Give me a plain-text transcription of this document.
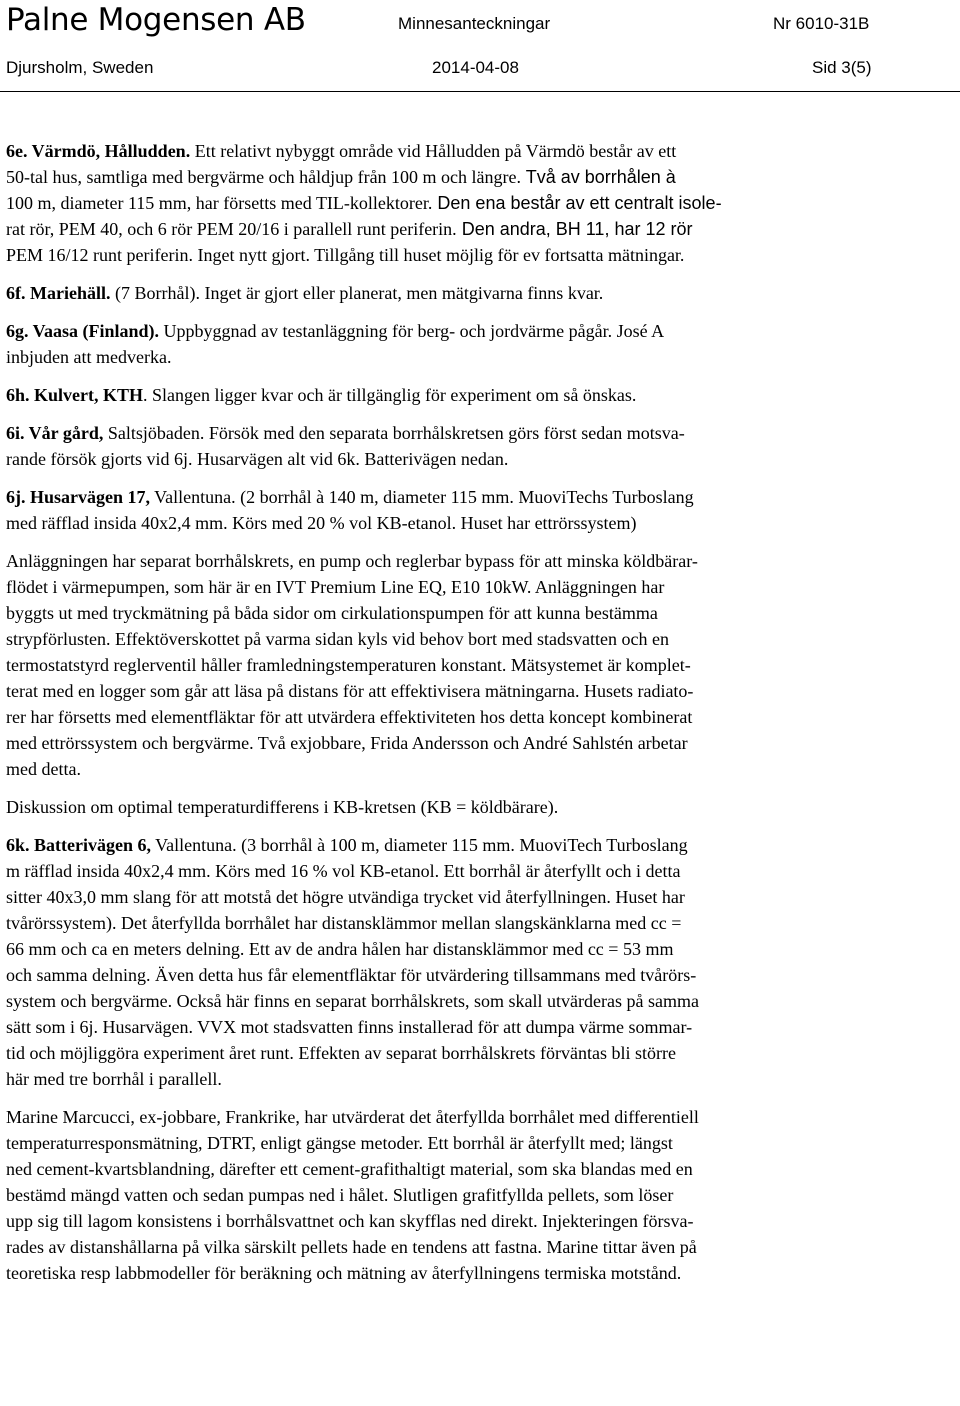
Palne Mogensen AB	Minnesanteckningar	Nr 6010-31B
Djursholm, Sweden	2014-04-08	Sid 3(5)
6e. Värmdö, Hålludden. Ett relativt nybyggt område vid Hålludden på Värmdö består av ett
50-tal hus, samtliga med bergvärme och håldjup från 100 m och längre. Två av borrhålen à
100 m, diameter 115 mm, har försetts med TIL-kollektorer. Den ena består av ett centralt isole-
rat rör, PEM 40, och 6 rör PEM 20/16 i parallell runt periferin. Den andra, BH 11, har 12 rör
PEM 16/12 runt periferin. Inget nytt gjort. Tillgång till huset möjlig för ev fortsatta mätningar.
6f. Mariehäll. (7 Borrhål). Inget är gjort eller planerat, men mätgivarna finns kvar.
6g. Vaasa (Finland). Uppbyggnad av testanläggning för berg- och jordvärme pågår. José A
inbjuden att medverka.
6h. Kulvert, KTH. Slangen ligger kvar och är tillgänglig för experiment om så önskas.
6i. Vår gård, Saltsjöbaden. Försök med den separata borrhålskretsen görs först sedan motsva-
rande försök gjorts vid 6j. Husarvägen alt vid 6k. Batterivägen nedan.
6j. Husarvägen 17, Vallentuna. (2 borrhål à 140 m, diameter 115 mm. MuoviTechs Turboslang
med räfflad insida 40x2,4 mm. Körs med 20 % vol KB-etanol. Huset har ettrörssystem)
Anläggningen har separat borrhålskrets, en pump och reglerbar bypass för att minska köldbärar-
flödet i värmepumpen, som här är en IVT Premium Line EQ, E10 10kW. Anläggningen har
byggts ut med tryckmätning på båda sidor om cirkulationspumpen för att kunna bestämma
strypförlusten. Effektöverskottet på varma sidan kyls vid behov bort med stadsvatten och en
termostatstyrd reglerventil håller framledningstemperaturen konstant. Mätsystemet är komplet-
terat med en logger som går att läsa på distans för att effektivisera mätningarna. Husets radiato-
rer har försetts med elementfläktar för att utvärdera effektiviteten hos detta koncept kombinerat
med ettrörssystem och bergvärme. Två exjobbare, Frida Andersson och André Sahlstén arbetar
med detta.
Diskussion om optimal temperaturdifferens i KB-kretsen (KB = köldbärare).
6k. Batterivägen 6, Vallentuna. (3 borrhål à 100 m, diameter 115 mm. MuoviTech Turboslang
m räfflad insida 40x2,4 mm. Körs med 16 % vol KB-etanol. Ett borrhål är återfyllt och i detta
sitter 40x3,0 mm slang för att motstå det högre utvändiga trycket vid återfyllningen. Huset har
tvårörssystem). Det återfyllda borrhålet har distansklämmor mellan slangskänklarna med cc =
66 mm och ca en meters delning. Ett av de andra hålen har distansklämmor med cc = 53 mm
och samma delning. Även detta hus får elementfläktar för utvärdering tillsammans med tvårörs-
system och bergvärme. Också här finns en separat borrhålskrets, som skall utvärderas på samma
sätt som i 6j. Husarvägen. VVX mot stadsvatten finns installerad för att dumpa värme sommar-
tid och möjliggöra experiment året runt. Effekten av separat borrhålskrets förväntas bli större
här med tre borrhål i parallell.
Marine Marcucci, ex-jobbare, Frankrike, har utvärderat det återfyllda borrhålet med differentiell
temperaturresponsmätning, DTRT, enligt gängse metoder. Ett borrhål är återfyllt med; längst
ned cement-kvartsblandning, därefter ett cement-grafithaltigt material, som ska blandas med en
bestämd mängd vatten och sedan pumpas ned i hålet. Slutligen grafitfyllda pellets, som löser
upp sig till lagom konsistens i borrhålsvattnet och kan skyfflas ned direkt. Injekteringen försva-
rades av distanshållarna på vilka särskilt pellets hade en tendens att fastna. Marine tittar även på
teoretiska resp labbmodeller för beräkning och mätning av återfyllningens termiska motstånd.
